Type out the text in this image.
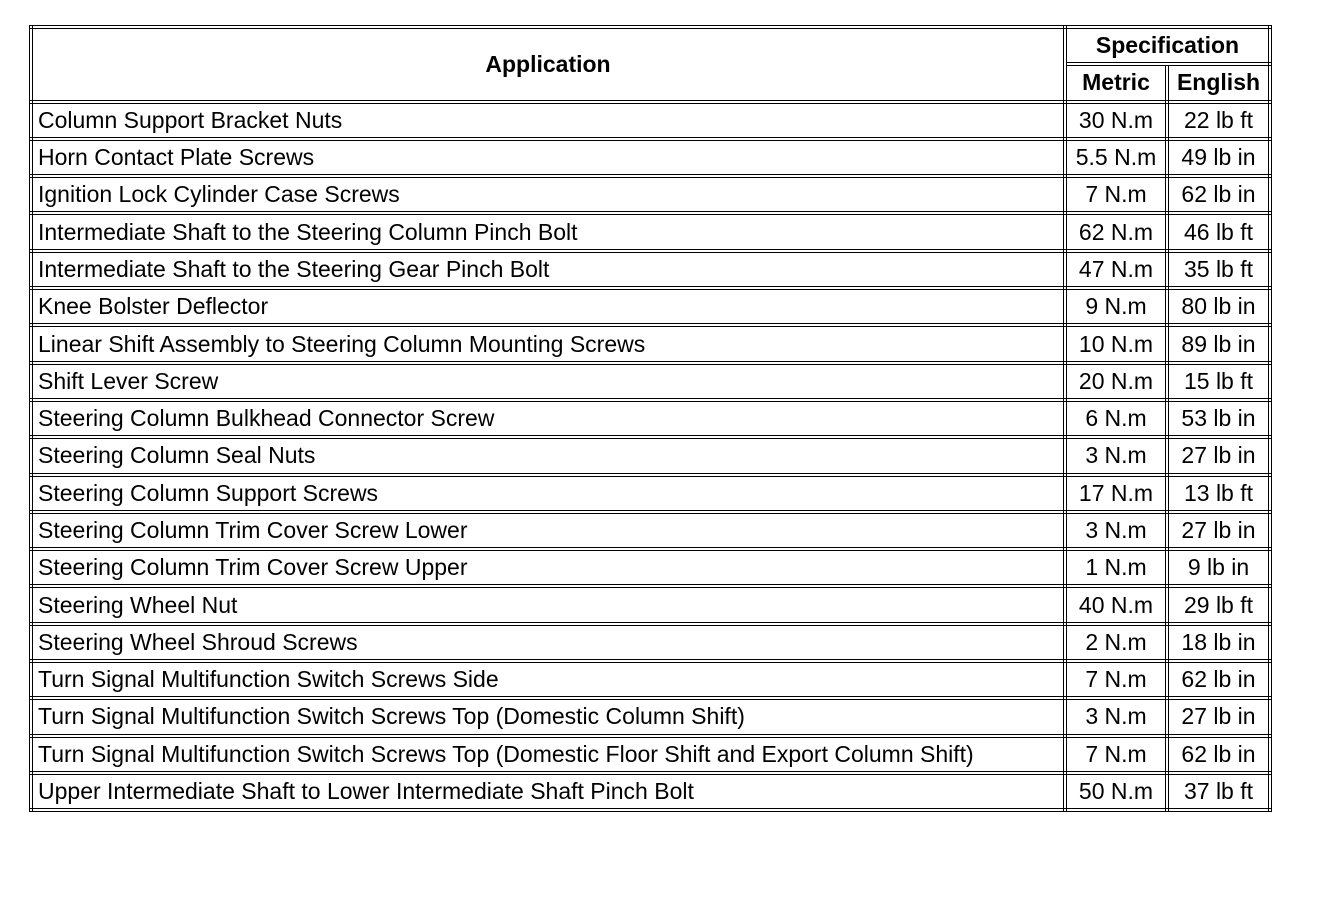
Application	Specification	
	Metric	English
Column Support Bracket Nuts	30 N.m	22 lb ft
Horn Contact Plate Screws	5.5 N.m	49 lb in
Ignition Lock Cylinder Case Screws	7 N.m	62 lb in
Intermediate Shaft to the Steering Column Pinch Bolt	62 N.m	46 lb ft
Intermediate Shaft to the Steering Gear Pinch Bolt	47 N.m	35 lb ft
Knee Bolster Deflector	9 N.m	80 lb in
Linear Shift Assembly to Steering Column Mounting Screws	10 N.m	89 lb in
Shift Lever Screw	20 N.m	15 lb ft
Steering Column Bulkhead Connector Screw	6 N.m	53 lb in
Steering Column Seal Nuts	3 N.m	27 lb in
Steering Column Support Screws	17 N.m	13 lb ft
Steering Column Trim Cover Screw Lower	3 N.m	27 lb in
Steering Column Trim Cover Screw Upper	1 N.m	9 lb in
Steering Wheel Nut	40 N.m	29 lb ft
Steering Wheel Shroud Screws	2 N.m	18 lb in
Turn Signal Multifunction Switch Screws Side	7 N.m	62 lb in
Turn Signal Multifunction Switch Screws Top (Domestic Column Shift)	3 N.m	27 lb in
Turn Signal Multifunction Switch Screws Top (Domestic Floor Shift and Export Column Shift)	7 N.m	62 lb in
Upper Intermediate Shaft to Lower Intermediate Shaft Pinch Bolt	50 N.m	37 lb ft
